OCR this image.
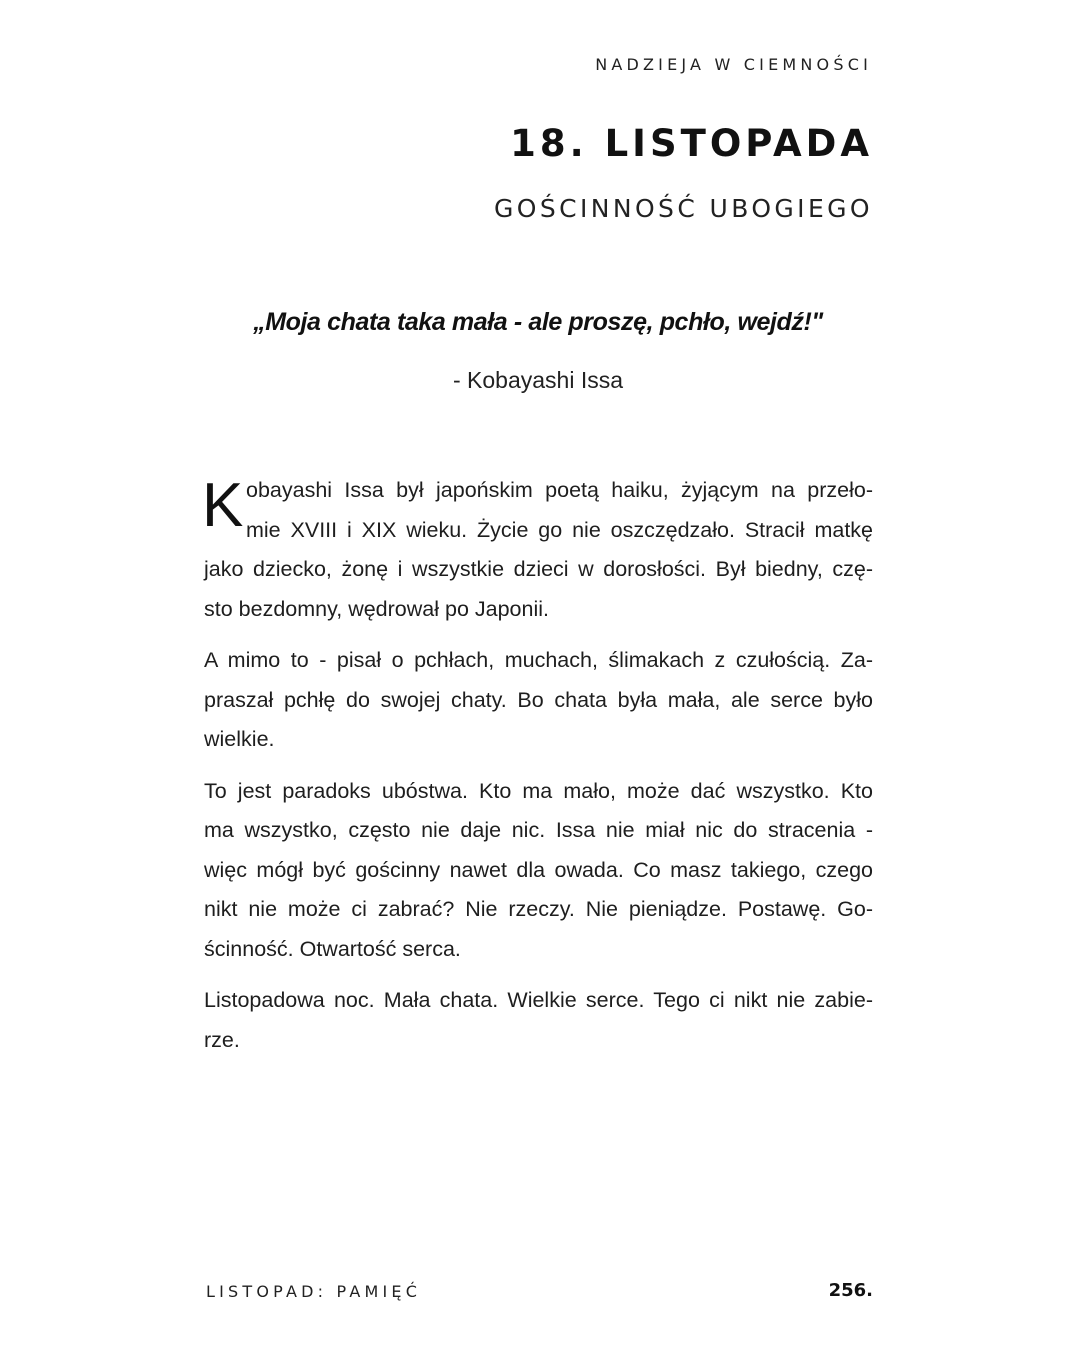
NADZIEJA W CIEMNOŚCI
18. LISTOPADA
GOŚCINNOŚĆ UBOGIEGO
„Moja chata taka mała - ale proszę, pchło, wejdź!"
- Kobayashi Issa

K obayashi Issa był japońskim poetą haiku, żyjącym na przeło-
mie XVIII i XIX wieku. Życie go nie oszczędzało. Stracił matkę
jako dziecko, żonę i wszystkie dzieci w dorosłości. Był biedny, czę-
sto bezdomny, wędrował po Japonii.

A mimo to - pisał o pchłach, muchach, ślimakach z czułością. Za-
praszał pchłę do swojej chaty. Bo chata była mała, ale serce było
wielkie.

To jest paradoks ubóstwa. Kto ma mało, może dać wszystko. Kto
ma wszystko, często nie daje nic. Issa nie miał nic do stracenia -
więc mógł być gościnny nawet dla owada. Co masz takiego, czego
nikt nie może ci zabrać? Nie rzeczy. Nie pieniądze. Postawę. Go-
ścinność. Otwartość serca.

Listopadowa noc. Mała chata. Wielkie serce. Tego ci nikt nie zabie-
rze.

LISTOPAD: PAMIĘĆ	256.
